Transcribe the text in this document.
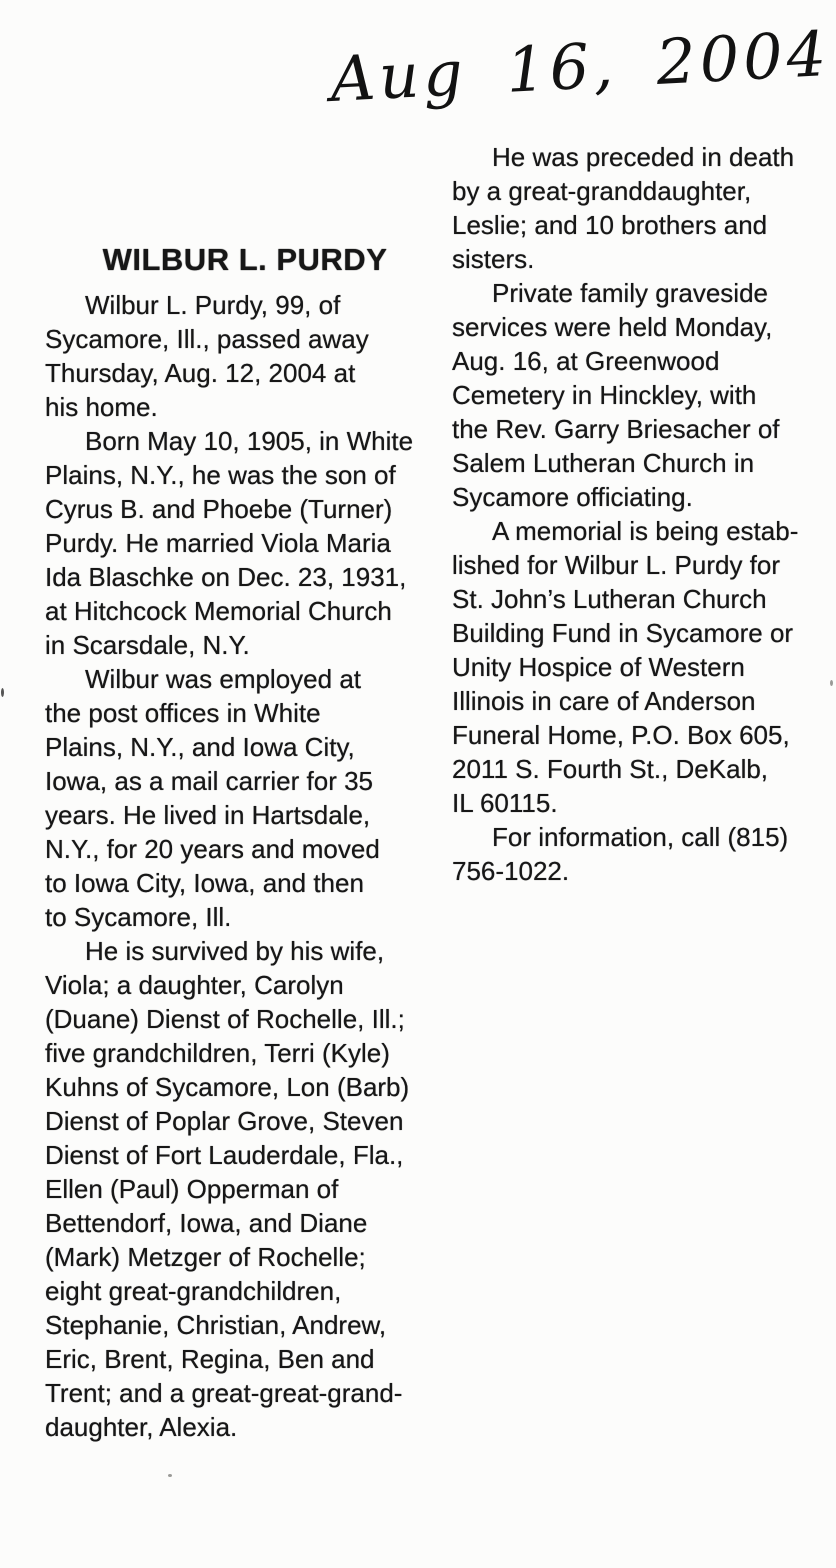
Aug 16, 2004
WILBUR L. PURDY
Wilbur L. Purdy, 99, of
Sycamore, Ill., passed away
Thursday, Aug. 12, 2004 at
his home.
Born May 10, 1905, in White
Plains, N.Y., he was the son of
Cyrus B. and Phoebe (Turner)
Purdy. He married Viola Maria
Ida Blaschke on Dec. 23, 1931,
at Hitchcock Memorial Church
in Scarsdale, N.Y.
Wilbur was employed at
the post offices in White
Plains, N.Y., and Iowa City,
Iowa, as a mail carrier for 35
years. He lived in Hartsdale,
N.Y., for 20 years and moved
to Iowa City, Iowa, and then
to Sycamore, Ill.
He is survived by his wife,
Viola; a daughter, Carolyn
(Duane) Dienst of Rochelle, Ill.;
five grandchildren, Terri (Kyle)
Kuhns of Sycamore, Lon (Barb)
Dienst of Poplar Grove, Steven
Dienst of Fort Lauderdale, Fla.,
Ellen (Paul) Opperman of
Bettendorf, Iowa, and Diane
(Mark) Metzger of Rochelle;
eight great-grandchildren,
Stephanie, Christian, Andrew,
Eric, Brent, Regina, Ben and
Trent; and a great-great-grand-
daughter, Alexia.
He was preceded in death
by a great-granddaughter,
Leslie; and 10 brothers and
sisters.
Private family graveside
services were held Monday,
Aug. 16, at Greenwood
Cemetery in Hinckley, with
the Rev. Garry Briesacher of
Salem Lutheran Church in
Sycamore officiating.
A memorial is being estab-
lished for Wilbur L. Purdy for
St. John’s Lutheran Church
Building Fund in Sycamore or
Unity Hospice of Western
Illinois in care of Anderson
Funeral Home, P.O. Box 605,
2011 S. Fourth St., DeKalb,
IL 60115.
For information, call (815)
756-1022.
